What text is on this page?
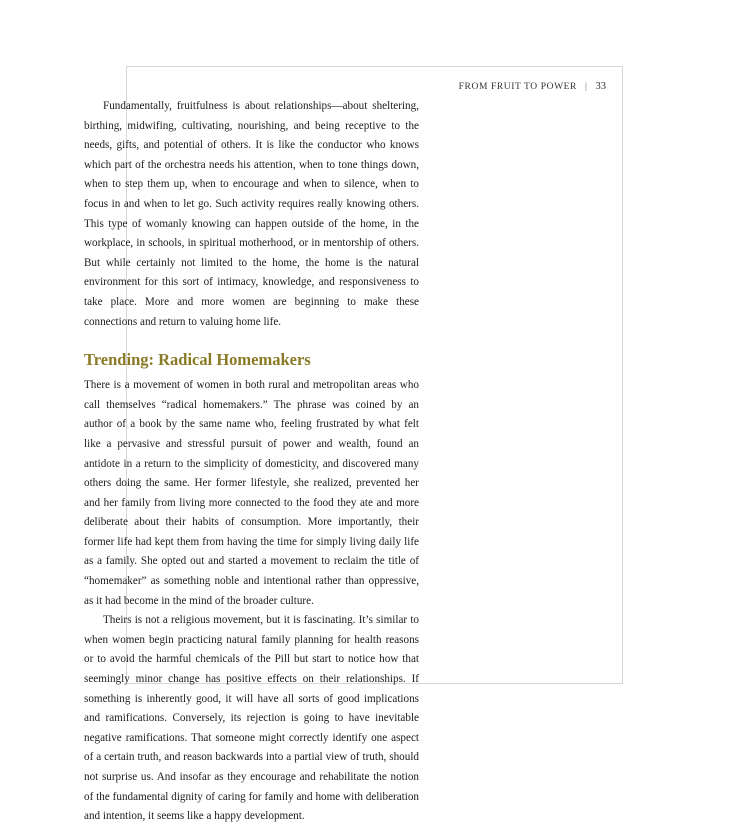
FROM FRUIT TO POWER | 33

Fundamentally, fruitfulness is about relationships—about sheltering, birthing, midwifing, cultivating, nourishing, and being receptive to the needs, gifts, and potential of others. It is like the conductor who knows which part of the orchestra needs his attention, when to tone things down, when to step them up, when to encourage and when to silence, when to focus in and when to let go. Such activity requires really knowing others. This type of womanly knowing can happen outside of the home, in the workplace, in schools, in spiritual motherhood, or in mentorship of others. But while certainly not limited to the home, the home is the natural environment for this sort of intimacy, knowledge, and responsiveness to take place. More and more women are beginning to make these connections and return to valuing home life.

Trending: Radical Homemakers

There is a movement of women in both rural and metropolitan areas who call themselves “radical homemakers.” The phrase was coined by an author of a book by the same name who, feeling frustrated by what felt like a pervasive and stressful pursuit of power and wealth, found an antidote in a return to the simplicity of domesticity, and discovered many others doing the same. Her former lifestyle, she realized, prevented her and her family from living more connected to the food they ate and more deliberate about their habits of consumption. More importantly, their former life had kept them from having the time for simply living daily life as a family. She opted out and started a movement to reclaim the title of “homemaker” as something noble and intentional rather than oppressive, as it had become in the mind of the broader culture.

Theirs is not a religious movement, but it is fascinating. It’s similar to when women begin practicing natural family planning for health reasons or to avoid the harmful chemicals of the Pill but start to notice how that seemingly minor change has positive effects on their relationships. If something is inherently good, it will have all sorts of good implications and ramifications. Conversely, its rejection is going to have inevitable negative ramifications. That someone might correctly identify one aspect of a certain truth, and reason backwards into a partial view of truth, should not surprise us. And insofar as they encourage and rehabilitate the notion of the fundamental dignity of caring for family and home with deliberation and intention, it seems like a happy development.
